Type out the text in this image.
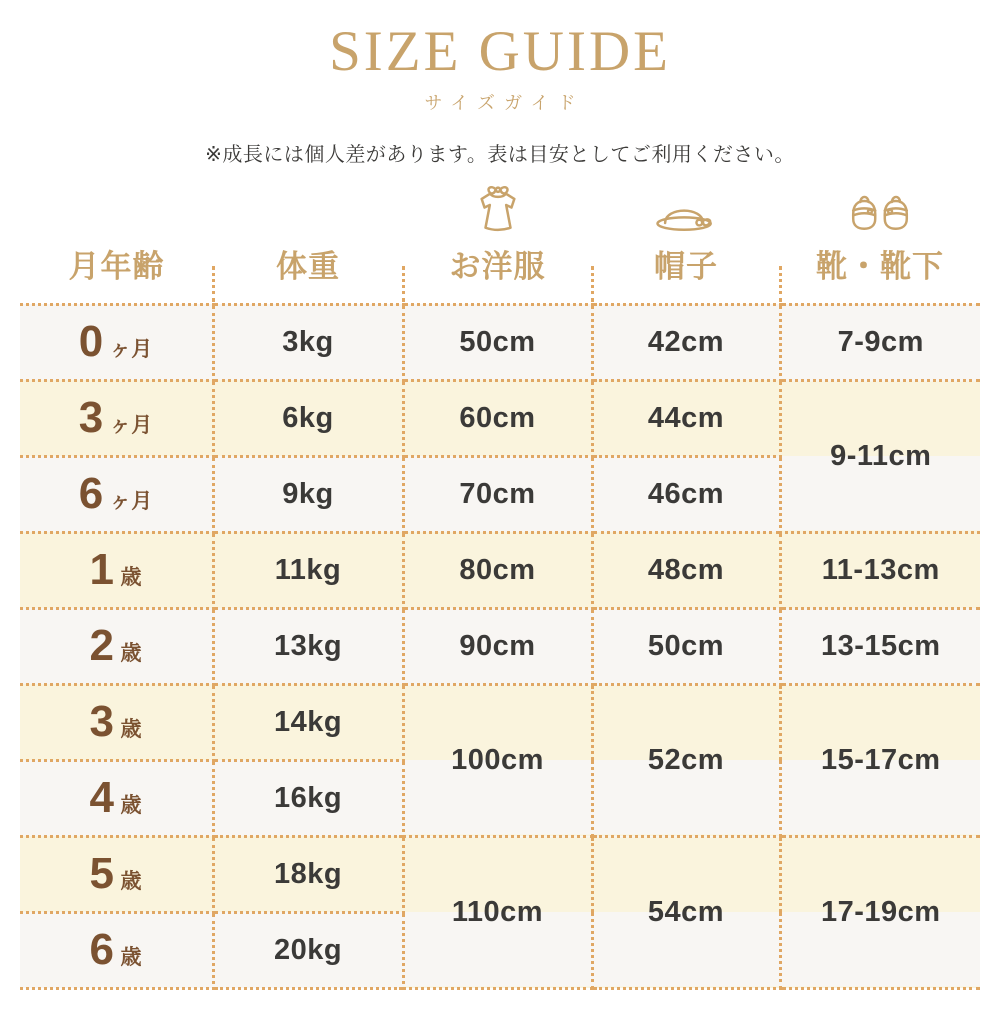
SIZE GUIDE
サイズガイド

※成長には個人差があります。表は目安としてご利用ください。

月年齢	体重	お洋服	帽子	靴・靴下

0 ヶ月	3kg	50cm	42cm	7-9cm
3 ヶ月	6kg	60cm	44cm	9-11cm
6 ヶ月	9kg	70cm	46cm	
1 歳	11kg	80cm	48cm	11-13cm
2 歳	13kg	90cm	50cm	13-15cm
3 歳	14kg	100cm	52cm	15-17cm
4 歳	16kg			
5 歳	18kg	110cm	54cm	17-19cm
6 歳	20kg			
